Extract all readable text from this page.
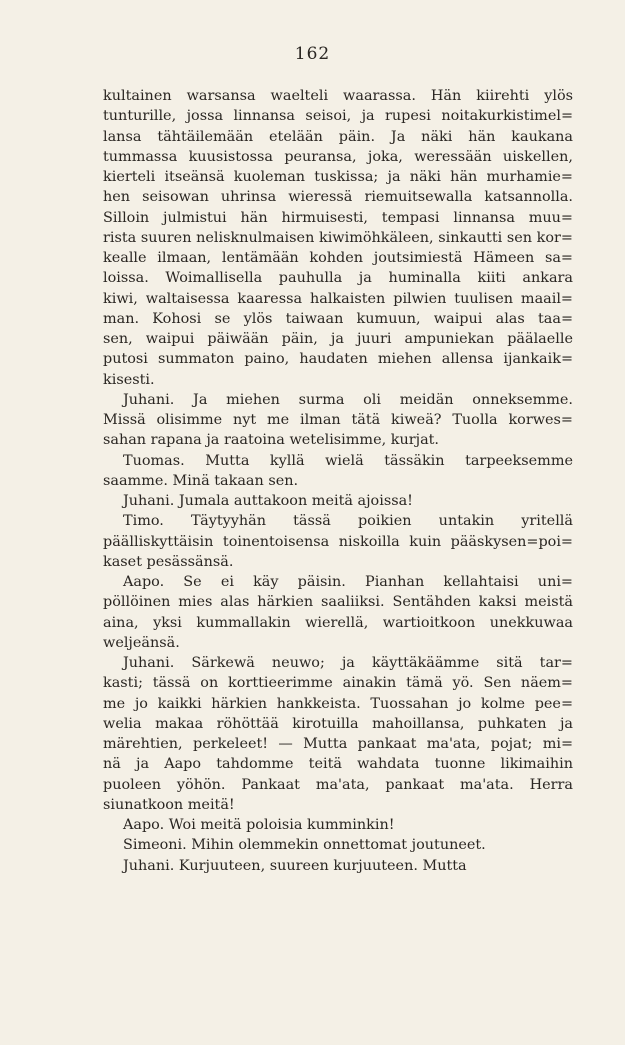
162
kultainen warsansa waelteli waarassa. Hän kiirehti ylös
tunturille, jossa linnansa seisoi, ja rupesi noitakurkistimel=
lansa tähtäilemään etelään päin. Ja näki hän kaukana
tummassa kuusistossa peuransa, joka, weressään uiskellen,
kierteli itseänsä kuoleman tuskissa; ja näki hän murhamie=
hen seisowan uhrinsa wieressä riemuitsewalla katsannolla.
Silloin julmistui hän hirmuisesti, tempasi linnansa muu=
rista suuren nelisknulmaisen kiwimöhkäleen, sinkautti sen kor=
kealle ilmaan, lentämään kohden joutsimiestä Hämeen sa=
loissa. Woimallisella pauhulla ja huminalla kiiti ankara
kiwi, waltaisessa kaaressa halkaisten pilwien tuulisen maail=
man. Kohosi se ylös taiwaan kumuun, waipui alas taa=
sen, waipui päiwään päin, ja juuri ampuniekan päälaelle
putosi summaton paino, haudaten miehen allensa ijankaik=
kisesti.
Juhani. Ja miehen surma oli meidän onneksemme.
Missä olisimme nyt me ilman tätä kiweä? Tuolla korwes=
sahan rapana ja raatoina wetelisimme, kurjat.
Tuomas. Mutta kyllä wielä tässäkin tarpeeksemme
saamme. Minä takaan sen.
Juhani. Jumala auttakoon meitä ajoissa!
Timo. Täytyyhän tässä poikien untakin yritellä
päälliskyttäisin toinentoisensa niskoilla kuin pääskysen=poi=
kaset pesässänsä.
Aapo. Se ei käy päisin. Pianhan kellahtaisi uni=
pöllöinen mies alas härkien saaliiksi. Sentähden kaksi meistä
aina, yksi kummallakin wierellä, wartioitkoon unekkuwaa
weljeänsä.
Juhani. Särkewä neuwo; ja käyttäkäämme sitä tar=
kasti; tässä on korttieerimme ainakin tämä yö. Sen näem=
me jo kaikki härkien hankkeista. Tuossahan jo kolme pee=
welia makaa röhöttää kirotuilla mahoillansa, puhkaten ja
märehtien, perkeleet! — Mutta pankaat ma'ata, pojat; mi=
nä ja Aapo tahdomme teitä wahdata tuonne likimaihin
puoleen yöhön. Pankaat ma'ata, pankaat ma'ata. Herra
siunatkoon meitä!
Aapo. Woi meitä poloisia kumminkin!
Simeoni. Mihin olemmekin onnettomat joutuneet.
Juhani. Kurjuuteen, suureen kurjuuteen. Mutta
